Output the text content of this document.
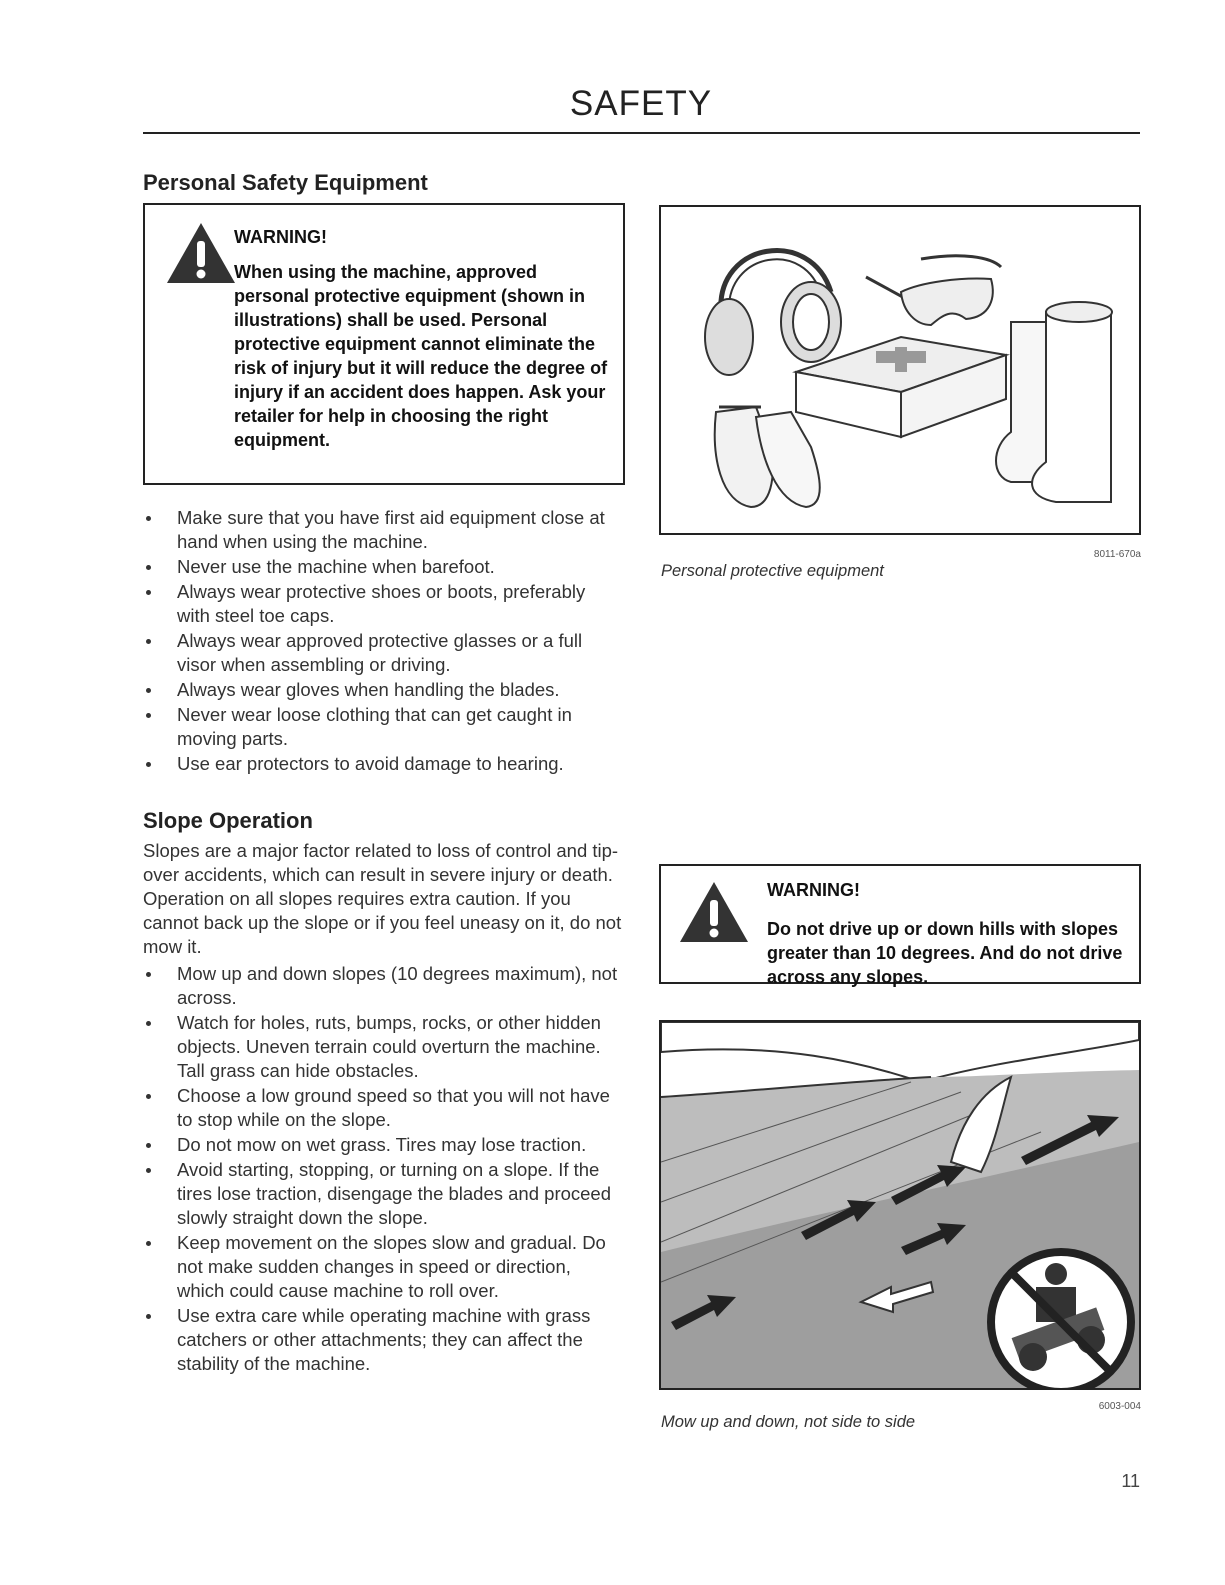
SAFETY
Personal Safety Equipment
WARNING!
When using the machine, approved personal protective equipment (shown in illustrations) shall be used. Personal protective equipment cannot eliminate the risk of injury but it will reduce the degree of injury if an accident does happen. Ask your retailer for help in choosing the right equipment.
Make sure that you have first aid equipment close at hand when using the machine.
Never use the machine when barefoot.
Always wear protective shoes or boots, preferably with steel toe caps.
Always wear approved protective glasses or a full visor when assembling or driving.
Always wear gloves when handling the blades.
Never wear loose clothing that can get caught in moving parts.
Use ear protectors to avoid damage to hearing.
Slope Operation
Slopes are a major factor related to loss of control and tip-over accidents, which can result in severe injury or death. Operation on all slopes requires extra caution. If you cannot back up the slope or if you feel uneasy on it, do not mow it.
Mow up and down slopes (10 degrees maximum), not across.
Watch for holes, ruts, bumps, rocks, or other hidden objects. Uneven terrain could overturn the machine. Tall grass can hide obstacles.
Choose a low ground speed so that you will not have to stop while on the slope.
Do not mow on wet grass. Tires may lose traction.
Avoid starting, stopping, or turning on a slope. If the tires lose traction, disengage the blades and proceed slowly straight down the slope.
Keep movement on the slopes slow and gradual. Do not make sudden changes in speed or direction, which could cause machine to roll over.
Use extra care while operating machine with grass catchers or other attachments; they can affect the stability of the machine.
8011-670a
Personal protective equipment
WARNING!
Do not drive up or down hills with slopes greater than 10 degrees. And do not drive across any slopes.
6003-004
Mow up and down, not side to side
11
